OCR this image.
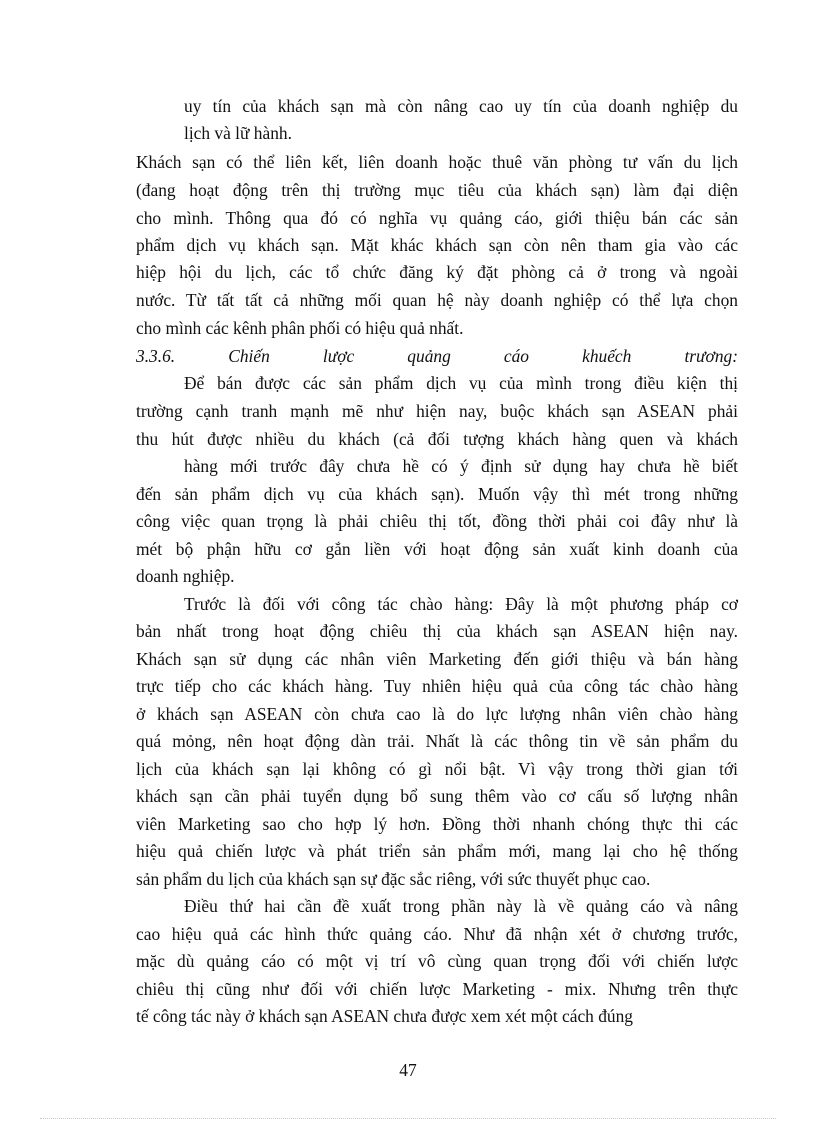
uy tín của khách sạn mà còn nâng cao uy tín của doanh nghiệp du
lịch và lữ hành.
Khách sạn có thể liên kết, liên doanh hoặc thuê văn phòng tư vấn du lịch
(đang hoạt động trên thị trường mục tiêu của khách sạn) làm đại diện
cho mình. Thông qua đó có nghĩa vụ quảng cáo, giới thiệu bán các sản
phẩm dịch vụ khách sạn. Mặt khác khách sạn còn nên tham gia vào các
hiệp hội du lịch, các tổ chức đăng ký đặt phòng cả ở trong và ngoài
nước. Từ tất tất cả những mối quan hệ này doanh nghiệp có thể lựa chọn
cho mình các kênh phân phối có hiệu quả nhất.
3.3.6. Chiến lược quảng cáo khuếch trương:
Để bán được các sản phẩm dịch vụ của mình trong điều kiện thị
trường cạnh tranh mạnh mẽ như hiện nay, buộc khách sạn ASEAN phải
thu hút được nhiều du khách (cả đối tượng khách hàng quen và khách
hàng mới trước đây chưa hề có ý định sử dụng hay chưa hề biết
đến sản phẩm dịch vụ của khách sạn). Muốn vậy thì mét trong những
công việc quan trọng là phải chiêu thị tốt, đồng thời phải coi đây như là
mét bộ phận hữu cơ gắn liền với hoạt động sản xuất kinh doanh của
doanh nghiệp.
Trước là đối với công tác chào hàng: Đây là một phương pháp cơ
bản nhất trong hoạt động chiêu thị của khách sạn ASEAN hiện nay.
Khách sạn sử dụng các nhân viên Marketing đến giới thiệu và bán hàng
trực tiếp cho các khách hàng. Tuy nhiên hiệu quả của công tác chào hàng
ở khách sạn ASEAN còn chưa cao là do lực lượng nhân viên chào hàng
quá mỏng, nên hoạt động dàn trải. Nhất là các thông tin về sản phẩm du
lịch của khách sạn lại không có gì nổi bật. Vì vậy trong thời gian tới
khách sạn cần phải tuyển dụng bổ sung thêm vào cơ cấu số lượng nhân
viên Marketing sao cho hợp lý hơn. Đồng thời nhanh chóng thực thi các
hiệu quả chiến lược và phát triển sản phẩm mới, mang lại cho hệ thống
sản phẩm du lịch của khách sạn sự đặc sắc riêng, với sức thuyết phục cao.
Điều thứ hai cần đề xuất trong phần này là về quảng cáo và nâng
cao hiệu quả các hình thức quảng cáo. Như đã nhận xét ở chương trước,
mặc dù quảng cáo có một vị trí vô cùng quan trọng đối với chiến lược
chiêu thị cũng như đối với chiến lược Marketing - mix. Nhưng trên thực
tế công tác này ở khách sạn ASEAN chưa được xem xét một cách đúng
47
